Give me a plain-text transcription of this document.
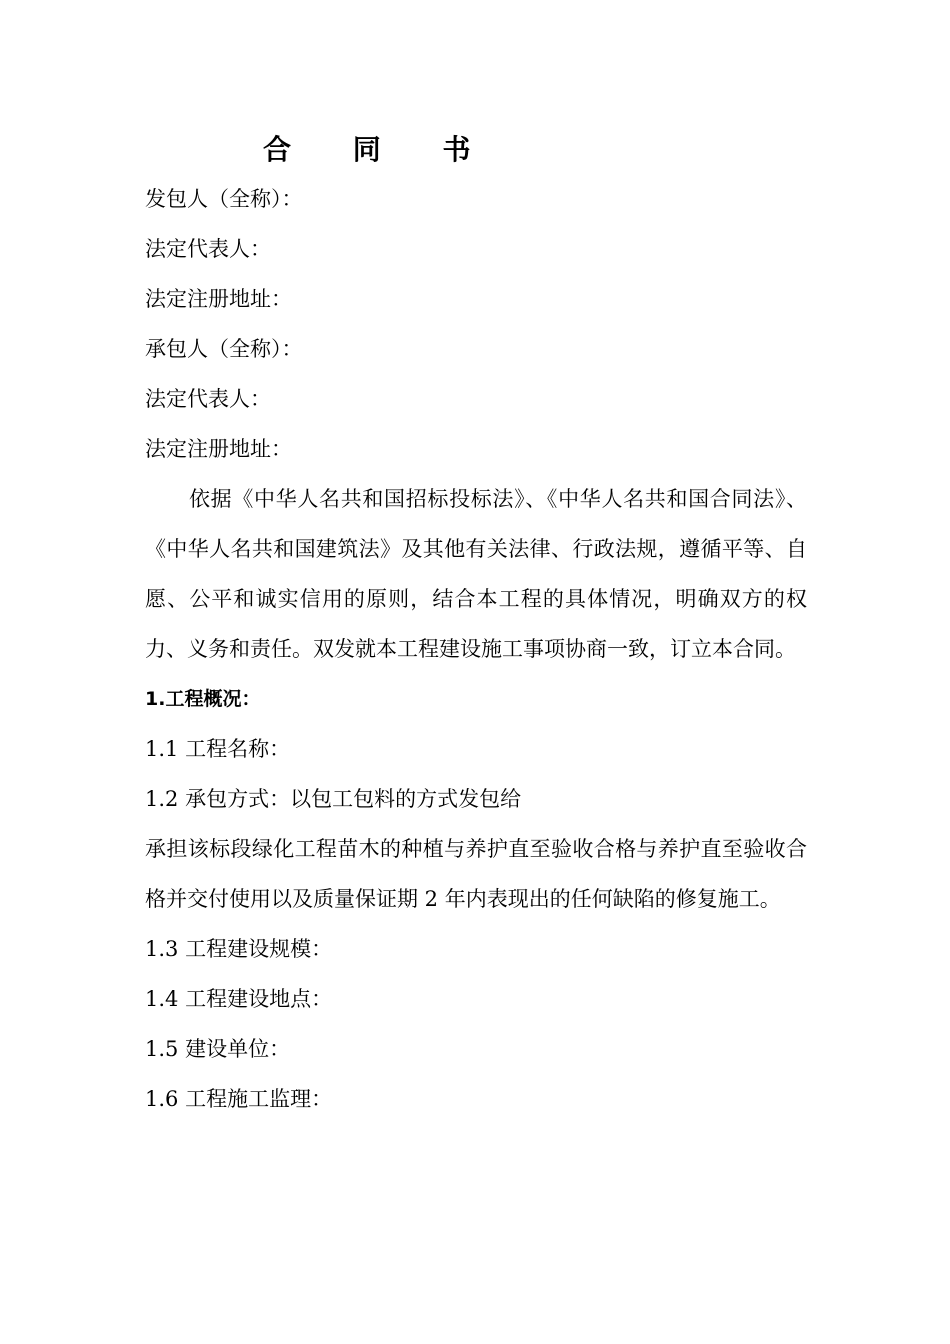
合 同 书
发包人（全称）：
法定代表人：
法定注册地址：
承包人（全称）：
法定代表人：
法定注册地址：

依据《中华人名共和国招标投标法》、《中华人名共和国合同法》、《中华人名共和国建筑法》及其他有关法律、行政法规，遵循平等、自愿、公平和诚实信用的原则，结合本工程的具体情况，明确双方的权力、义务和责任。双发就本工程建设施工事项协商一致，订立本合同。

1.工程概况：
1.1 工程名称：
1.2 承包方式：以包工包料的方式发包给

承担该标段绿化工程苗木的种植与养护直至验收合格与养护直至验收合格并交付使用以及质量保证期 2 年内表现出的任何缺陷的修复施工。

1.3 工程建设规模：
1.4 工程建设地点：
1.5 建设单位：
1.6 工程施工监理：
